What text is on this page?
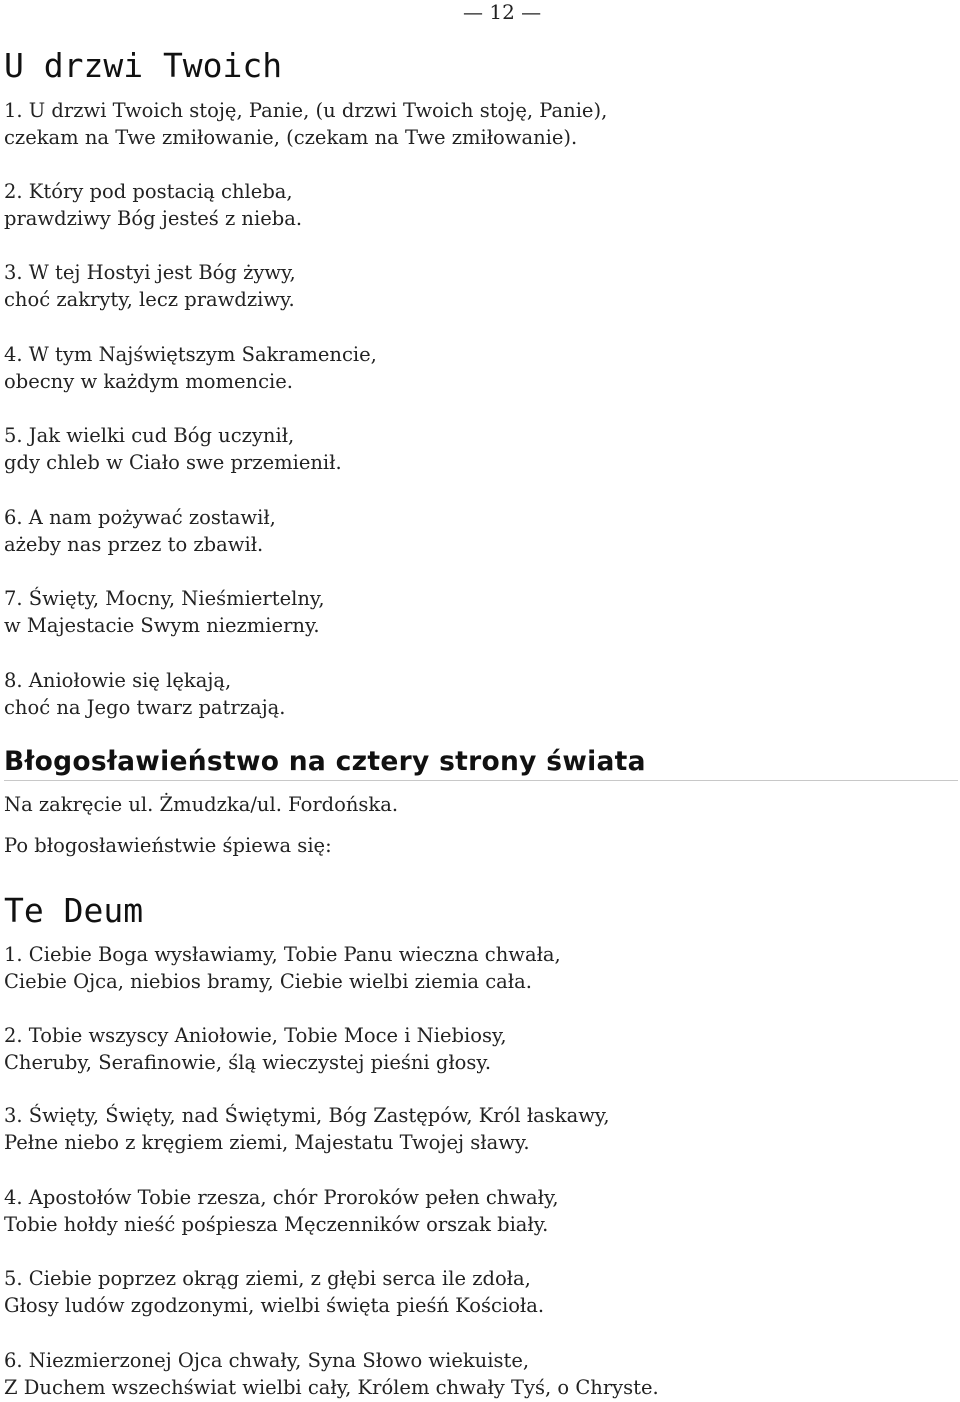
— 12 —
U drzwi Twoich
1. U drzwi Twoich stoję, Panie, (u drzwi Twoich stoję, Panie),
czekam na Twe zmiłowanie, (czekam na Twe zmiłowanie).
2. Który pod postacią chleba,
prawdziwy Bóg jesteś z nieba.
3. W tej Hostyi jest Bóg żywy,
choć zakryty, lecz prawdziwy.
4. W tym Najświętszym Sakramencie,
obecny w każdym momencie.
5. Jak wielki cud Bóg uczynił,
gdy chleb w Ciało swe przemienił.
6. A nam pożywać zostawił,
ażeby nas przez to zbawił.
7. Święty, Mocny, Nieśmiertelny,
w Majestacie Swym niezmierny.
8. Aniołowie się lękają,
choć na Jego twarz patrzają.
Błogosławieństwo na cztery strony świata

Na zakręcie ul. Żmudzka/ul. Fordońska.

Po błogosławieństwie śpiewa się:

Te Deum
1. Ciebie Boga wysławiamy, Tobie Panu wieczna chwała,
Ciebie Ojca, niebios bramy, Ciebie wielbi ziemia cała.
2. Tobie wszyscy Aniołowie, Tobie Moce i Niebiosy,
Cheruby, Serafinowie, ślą wieczystej pieśni głosy.
3. Święty, Święty, nad Świętymi, Bóg Zastępów, Król łaskawy,
Pełne niebo z kręgiem ziemi, Majestatu Twojej sławy.
4. Apostołów Tobie rzesza, chór Proroków pełen chwały,
Tobie hołdy nieść pośpiesza Męczenników orszak biały.
5. Ciebie poprzez okrąg ziemi, z głębi serca ile zdoła,
Głosy ludów zgodzonymi, wielbi święta pieśń Kościoła.
6. Niezmierzonej Ojca chwały, Syna Słowo wiekuiste,
Z Duchem wszechświat wielbi cały, Królem chwały Tyś, o Chryste.
